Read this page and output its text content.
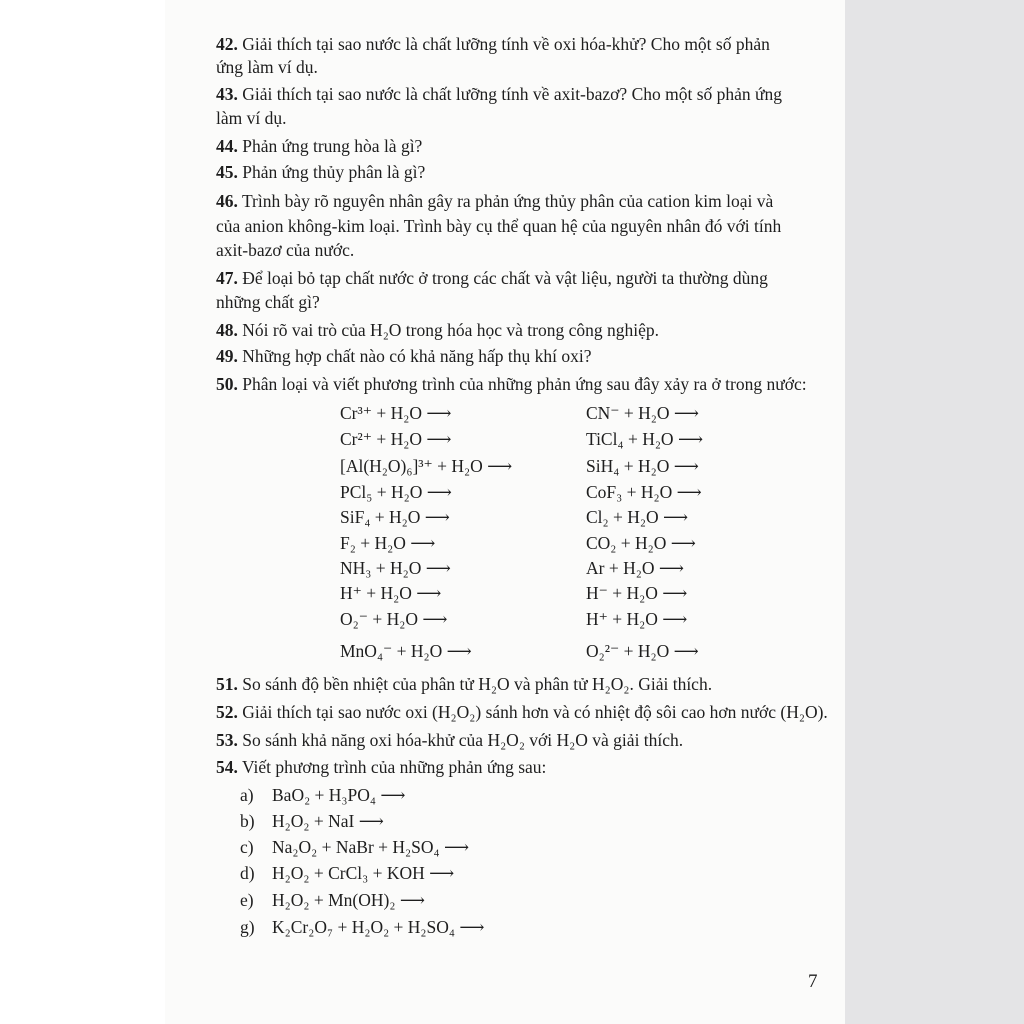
42. Giải thích tại sao nước là chất lưỡng tính về oxi hóa-khử? Cho một số phản
ứng làm ví dụ.
43. Giải thích tại sao nước là chất lưỡng tính về axit-bazơ? Cho một số phản ứng
làm ví dụ.
44. Phản ứng trung hòa là gì?
45. Phản ứng thủy phân là gì?
46. Trình bày rõ nguyên nhân gây ra phản ứng thủy phân của cation kim loại và
của anion không-kim loại. Trình bày cụ thể quan hệ của nguyên nhân đó với tính
axit-bazơ của nước.
47. Để loại bỏ tạp chất nước ở trong các chất và vật liệu, người ta thường dùng
những chất gì?
48. Nói rõ vai trò của H₂O trong hóa học và trong công nghiệp.
49. Những hợp chất nào có khả năng hấp thụ khí oxi?
50. Phân loại và viết phương trình của những phản ứng sau đây xảy ra ở trong nước:
Cr³⁺ + H₂O ⟶
Cr²⁺ + H₂O ⟶
[Al(H₂O)₆]³⁺ + H₂O ⟶
PCl₅ + H₂O ⟶
SiF₄ + H₂O ⟶
F₂ + H₂O ⟶
NH₃ + H₂O ⟶
H⁺ + H₂O ⟶
O₂⁻ + H₂O ⟶
MnO₄⁻ + H₂O ⟶
CN⁻ + H₂O ⟶
TiCl₄ + H₂O ⟶
SiH₄ + H₂O ⟶
CoF₃ + H₂O ⟶
Cl₂ + H₂O ⟶
CO₂ + H₂O ⟶
Ar + H₂O ⟶
H⁻ + H₂O ⟶
H⁺ + H₂O ⟶
O₂²⁻ + H₂O ⟶
51. So sánh độ bền nhiệt của phân tử H₂O và phân tử H₂O₂. Giải thích.
52. Giải thích tại sao nước oxi (H₂O₂) sánh hơn và có nhiệt độ sôi cao hơn nước (H₂O).
53. So sánh khả năng oxi hóa-khử của H₂O₂ với H₂O và giải thích.
54. Viết phương trình của những phản ứng sau:
a) BaO₂ + H₃PO₄ ⟶
b) H₂O₂ + NaI ⟶
c) Na₂O₂ + NaBr + H₂SO₄ ⟶
d) H₂O₂ + CrCl₃ + KOH ⟶
e) H₂O₂ + Mn(OH)₂ ⟶
g) K₂Cr₂O₇ + H₂O₂ + H₂SO₄ ⟶
7
